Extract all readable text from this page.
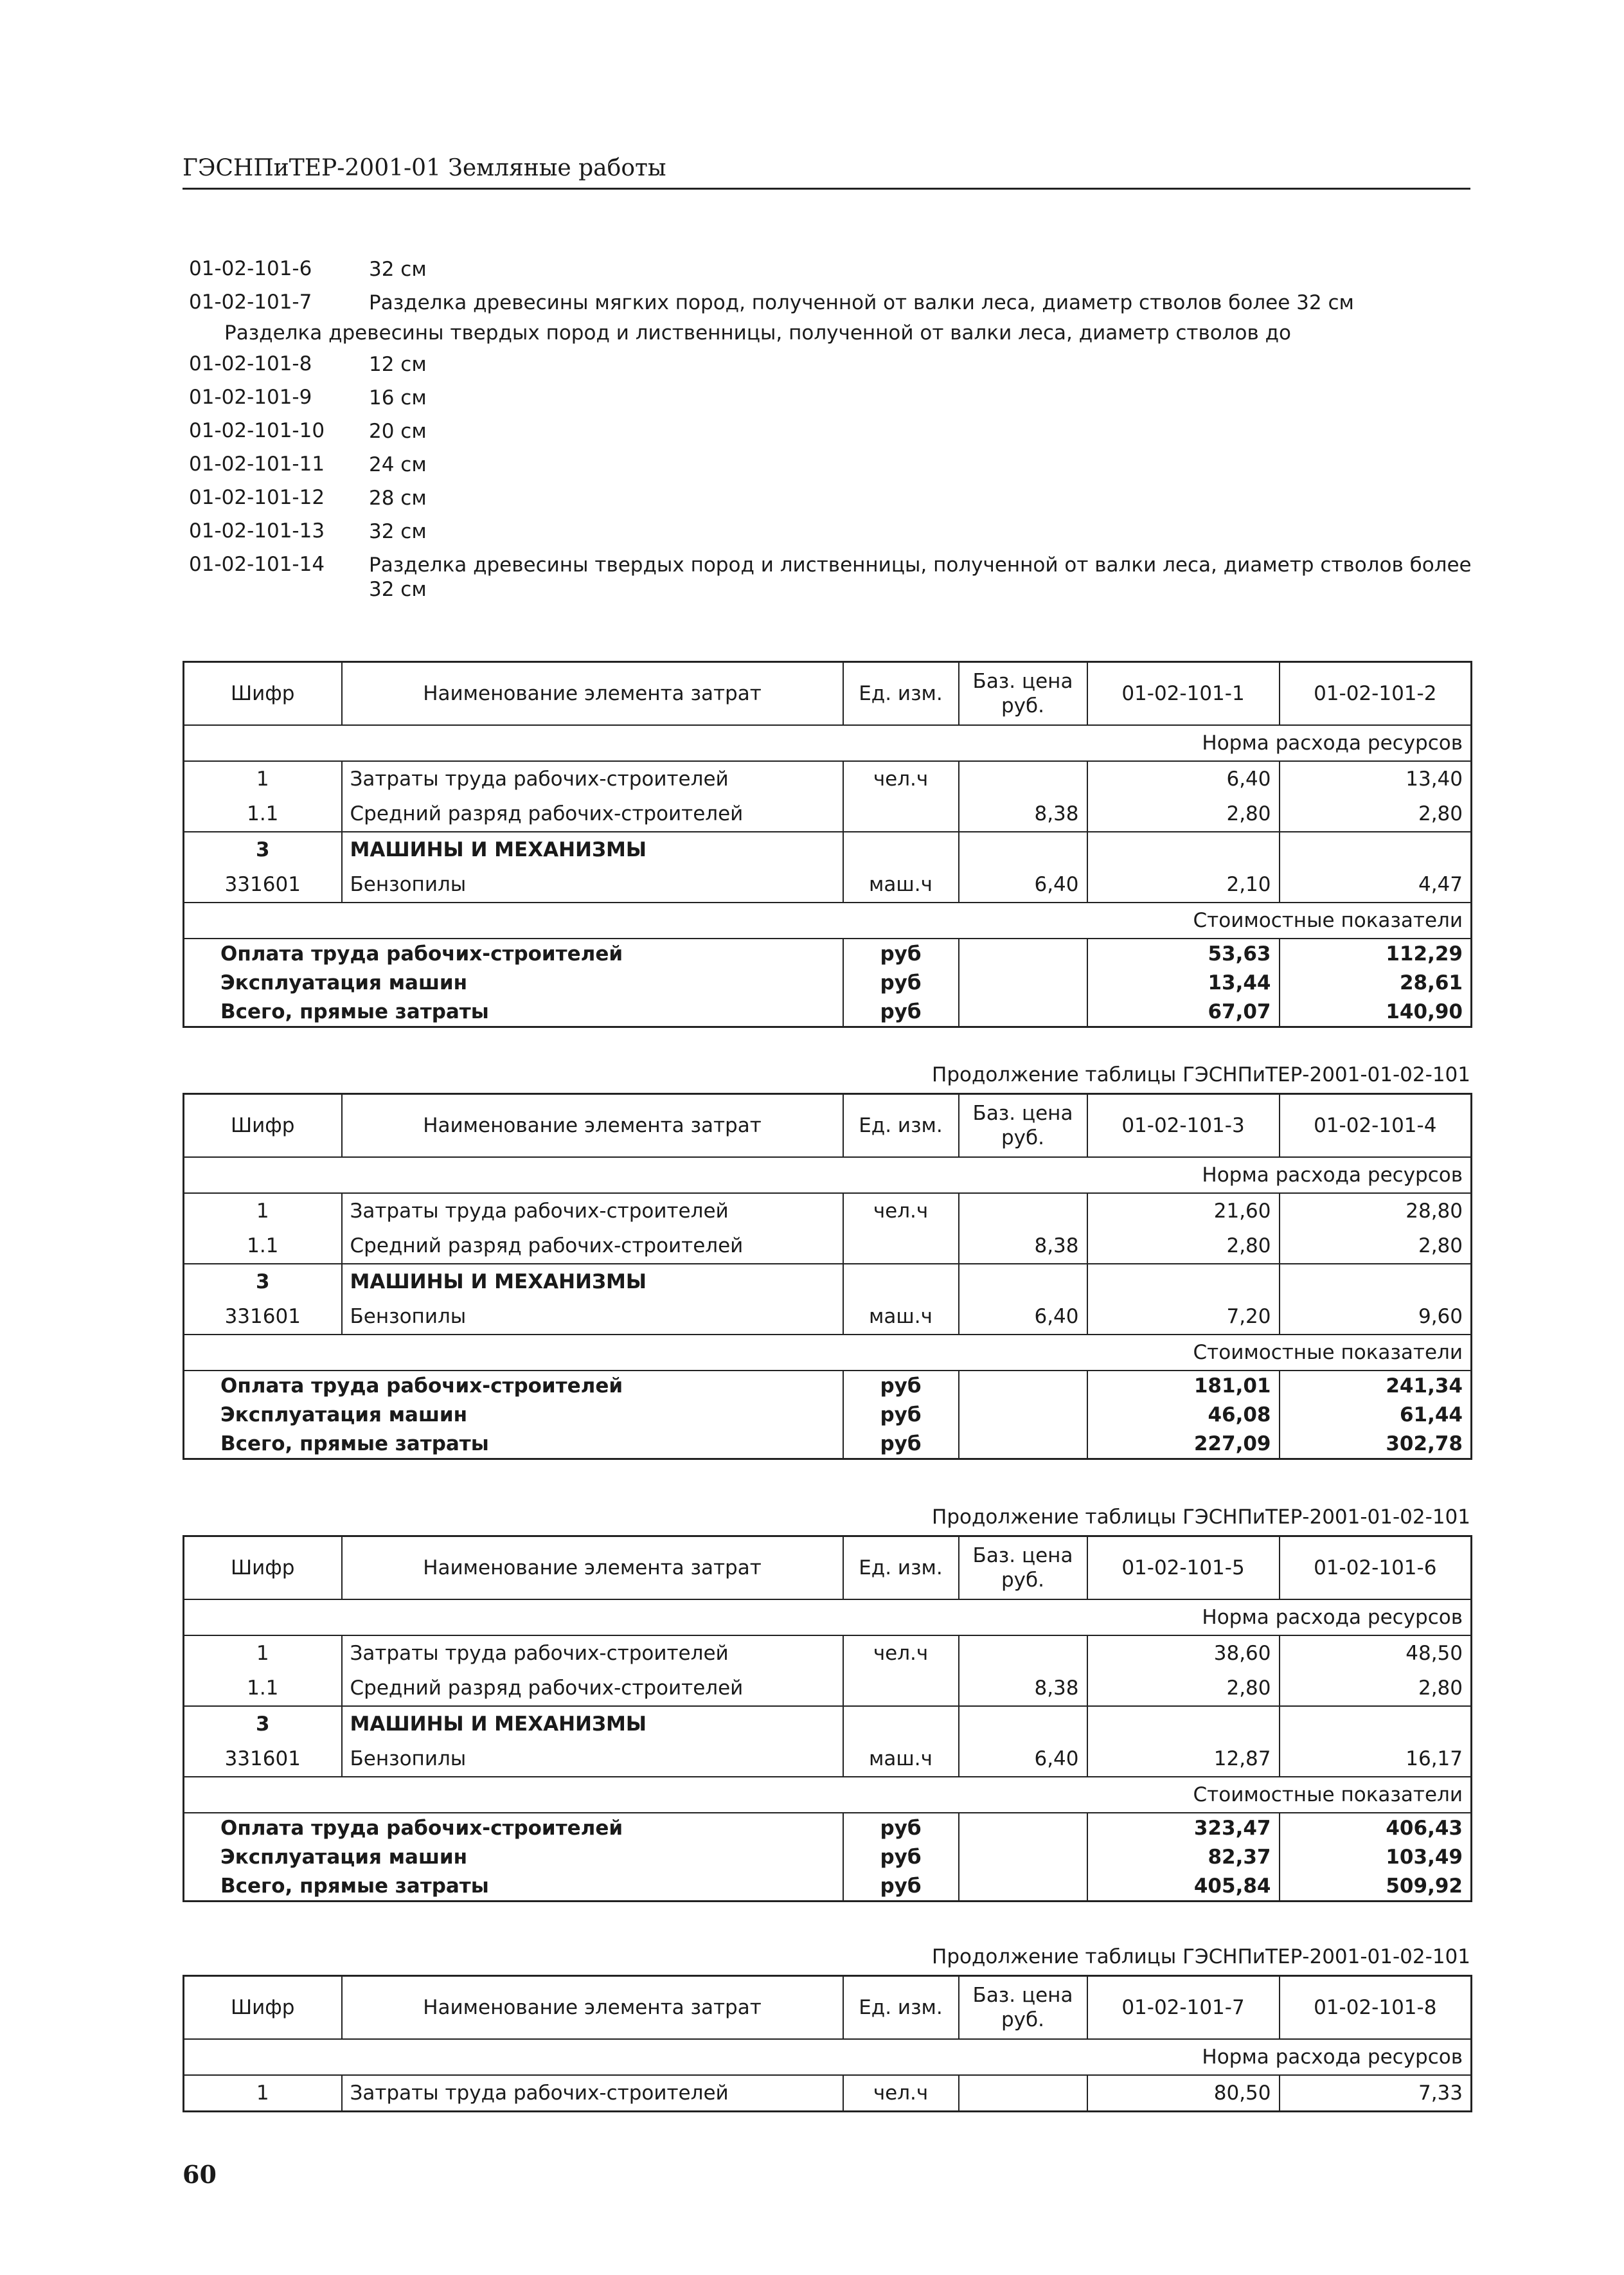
ГЭСНПиТЕР-2001-01 Земляные работы
01-02-101-6	32 см
01-02-101-7	Разделка древесины мягких пород, полученной от валки леса, диаметр стволов более 32 см
Разделка древесины твердых пород и лиственницы, полученной от валки леса, диаметр стволов до
01-02-101-8	12 см
01-02-101-9	16 см
01-02-101-10	20 см
01-02-101-11	24 см
01-02-101-12	28 см
01-02-101-13	32 см
01-02-101-14	Разделка древесины твердых пород и лиственницы, полученной от валки леса, диаметр стволов более 32 см
Шифр	Наименование элемента затрат	Ед. изм.	Баз. цена руб.	01-02-101-1	01-02-101-2
Норма расхода ресурсов					
1	Затраты труда рабочих-строителей	чел.ч		6,40	13,40
1.1	Средний разряд рабочих-строителей		8,38	2,80	2,80
3	МАШИНЫ И МЕХАНИЗМЫ				
331601	Бензопилы	маш.ч	6,40	2,10	4,47
Стоимостные показатели					
Оплата труда рабочих-строителей		руб		53,63	112,29
Эксплуатация машин		руб		13,44	28,61
Всего, прямые затраты		руб		67,07	140,90
Продолжение таблицы ГЭСНПиТЕР-2001-01-02-101
Шифр	Наименование элемента затрат	Ед. изм.	Баз. цена руб.	01-02-101-3	01-02-101-4
Норма расхода ресурсов					
1	Затраты труда рабочих-строителей	чел.ч		21,60	28,80
1.1	Средний разряд рабочих-строителей		8,38	2,80	2,80
3	МАШИНЫ И МЕХАНИЗМЫ				
331601	Бензопилы	маш.ч	6,40	7,20	9,60
Стоимостные показатели					
Оплата труда рабочих-строителей		руб		181,01	241,34
Эксплуатация машин		руб		46,08	61,44
Всего, прямые затраты		руб		227,09	302,78
Продолжение таблицы ГЭСНПиТЕР-2001-01-02-101
Шифр	Наименование элемента затрат	Ед. изм.	Баз. цена руб.	01-02-101-5	01-02-101-6
Норма расхода ресурсов					
1	Затраты труда рабочих-строителей	чел.ч		38,60	48,50
1.1	Средний разряд рабочих-строителей		8,38	2,80	2,80
3	МАШИНЫ И МЕХАНИЗМЫ				
331601	Бензопилы	маш.ч	6,40	12,87	16,17
Стоимостные показатели					
Оплата труда рабочих-строителей		руб		323,47	406,43
Эксплуатация машин		руб		82,37	103,49
Всего, прямые затраты		руб		405,84	509,92
Продолжение таблицы ГЭСНПиТЕР-2001-01-02-101
Шифр	Наименование элемента затрат	Ед. изм.	Баз. цена руб.	01-02-101-7	01-02-101-8
Норма расхода ресурсов					
1	Затраты труда рабочих-строителей	чел.ч		80,50	7,33
60
